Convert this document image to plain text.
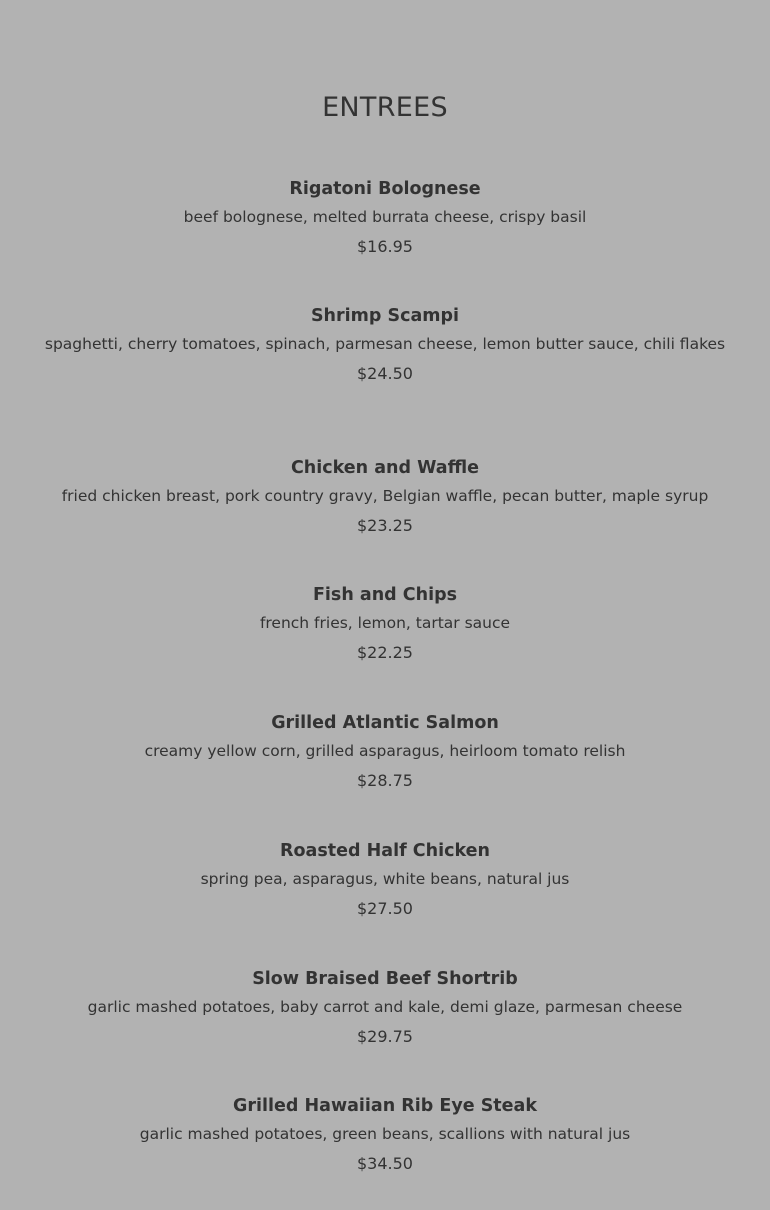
ENTREES

Rigatoni Bolognese

beef bolognese, melted burrata cheese, crispy basil

$16.95

Shrimp Scampi

spaghetti, cherry tomatoes, spinach, parmesan cheese, lemon butter sauce, chili flakes

$24.50

Chicken and Waffle

fried chicken breast, pork country gravy, Belgian waffle, pecan butter, maple syrup

$23.25

Fish and Chips

french fries, lemon, tartar sauce

$22.25

Grilled Atlantic Salmon

creamy yellow corn, grilled asparagus, heirloom tomato relish

$28.75

Roasted Half Chicken

spring pea, asparagus, white beans, natural jus

$27.50

Slow Braised Beef Shortrib

garlic mashed potatoes, baby carrot and kale, demi glaze, parmesan cheese

$29.75

Grilled Hawaiian Rib Eye Steak

garlic mashed potatoes, green beans, scallions with natural jus

$34.50
